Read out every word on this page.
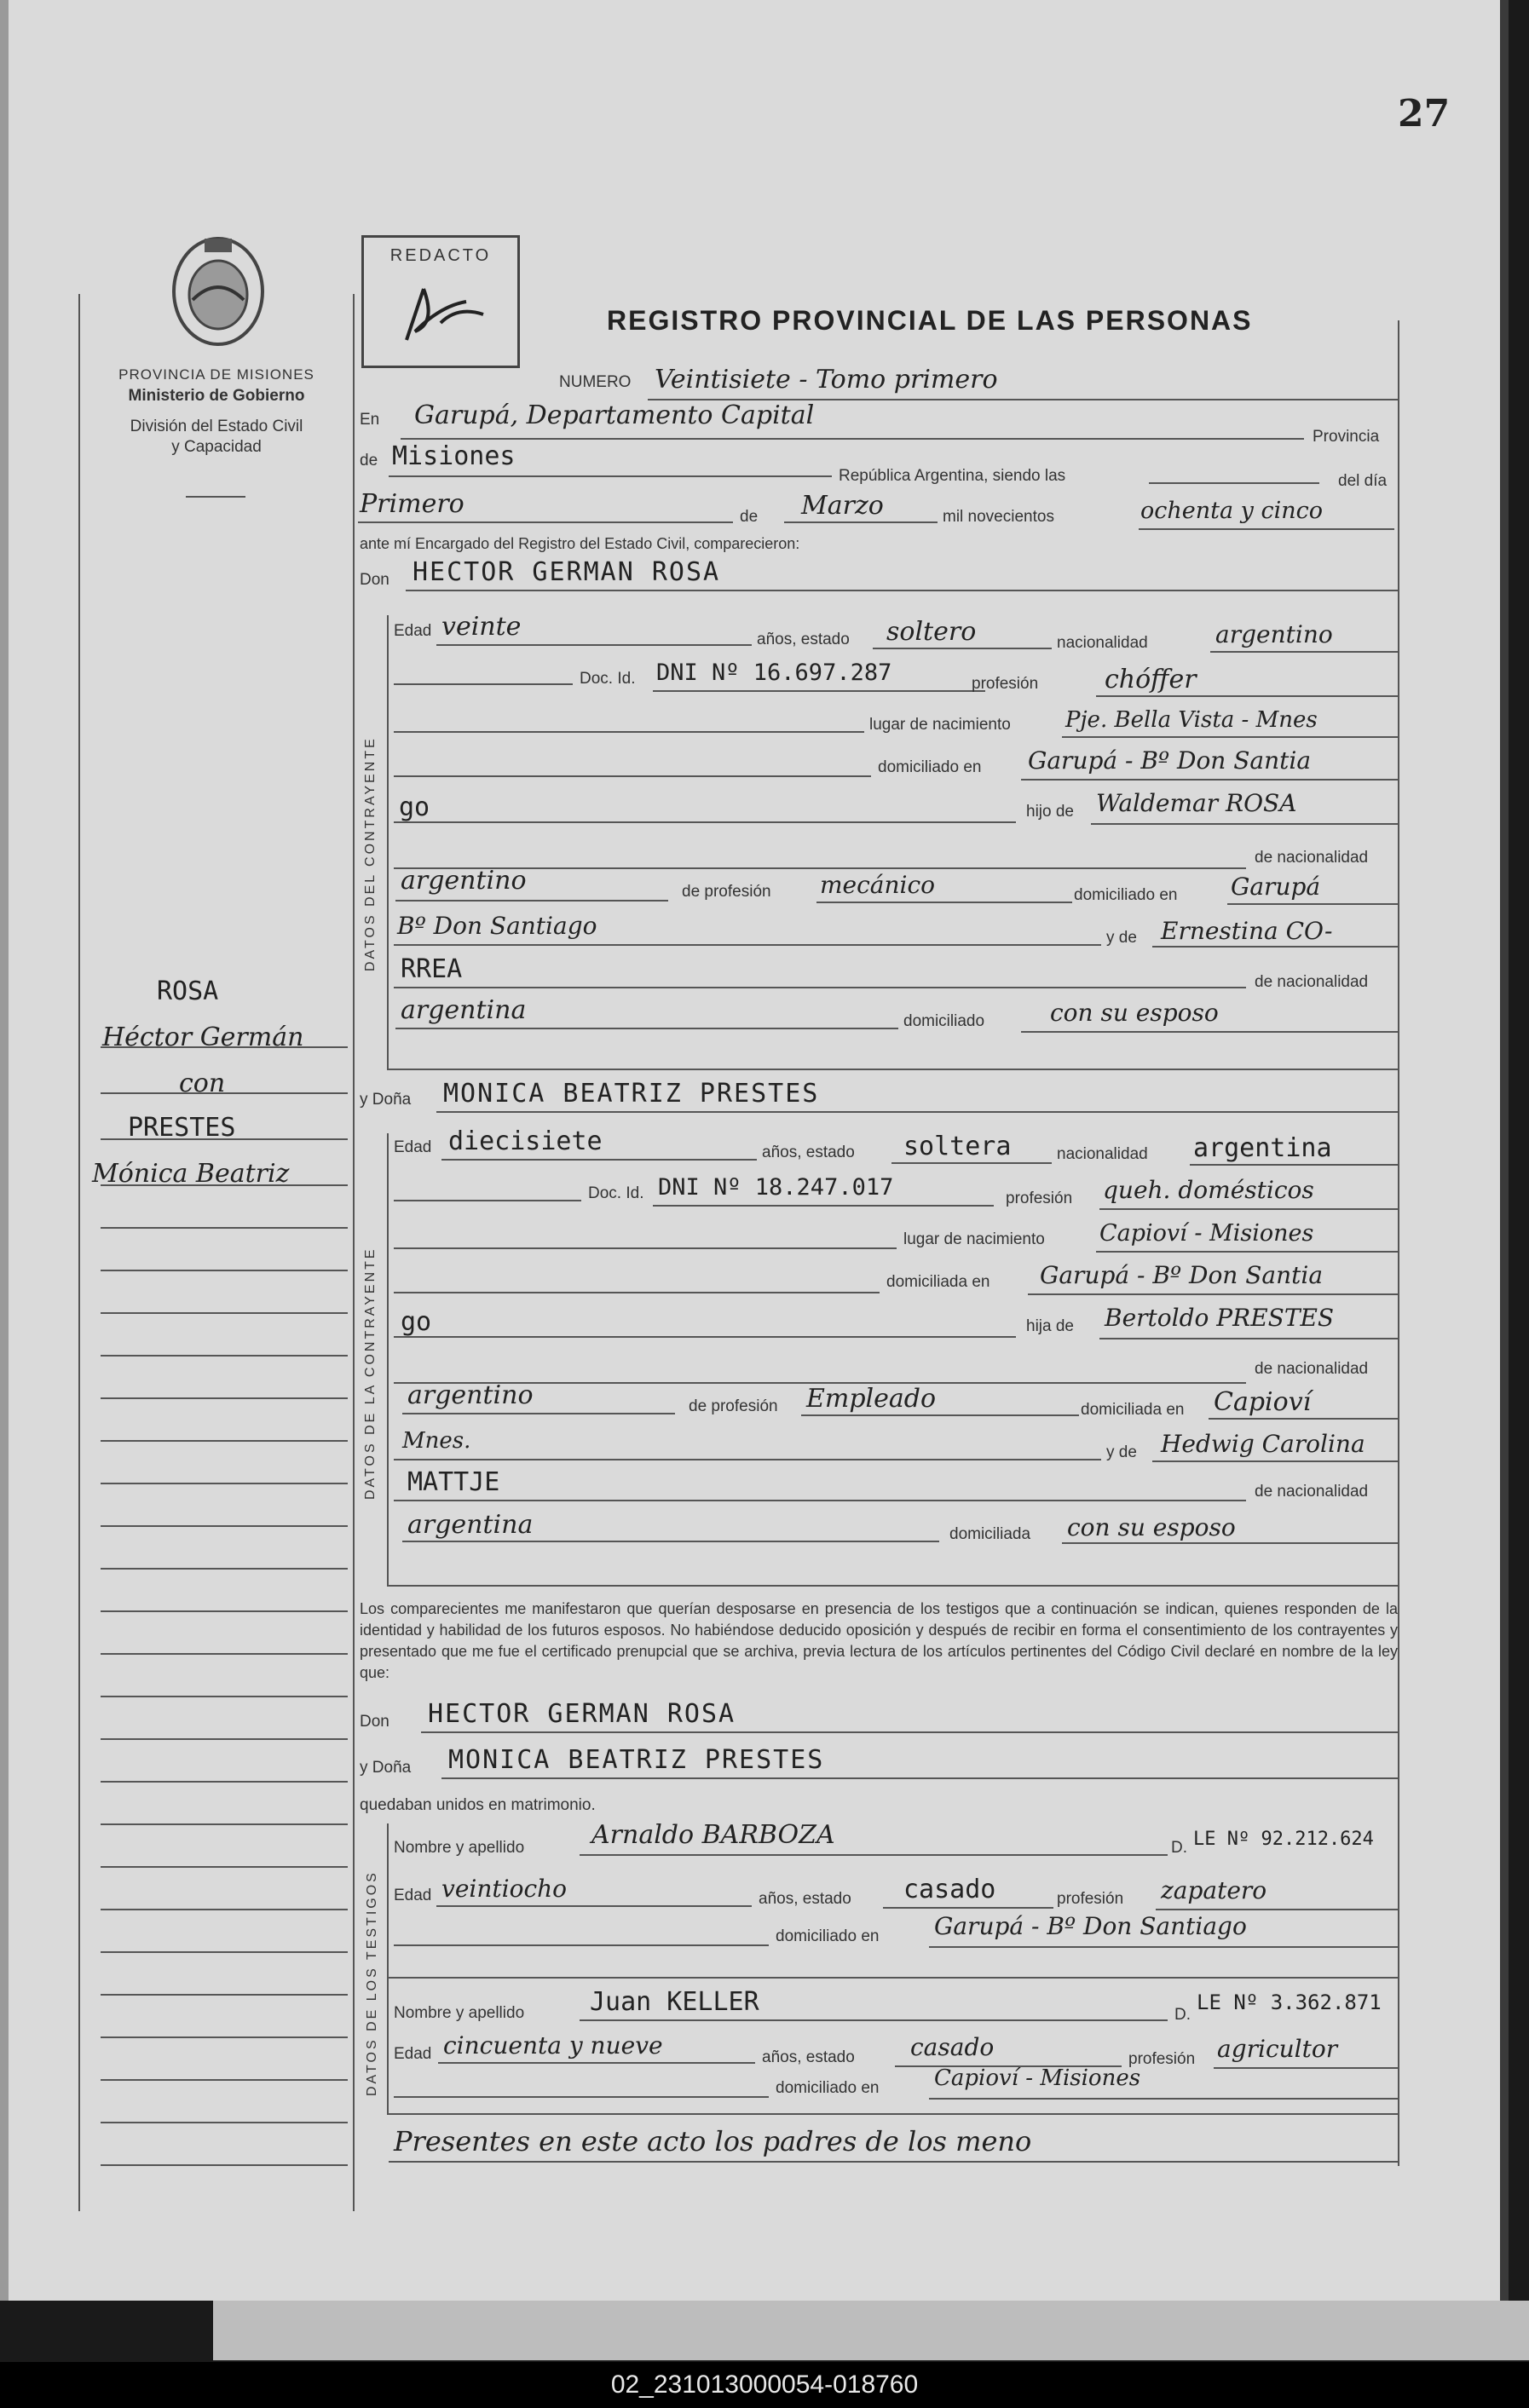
27
PROVINCIA DE MISIONES
Ministerio de Gobierno
División del Estado Civil
y Capacidad
ROSA
Héctor Germán
con
PRESTES
Mónica Beatriz
REDACTO
REGISTRO PROVINCIAL DE LAS PERSONAS
NUMERO Veintisiete - Tomo primero
En Garupá, Departamento Capital
Provincia
de Misiones
República Argentina, siendo las	del día
Primero	de Marzo	mil novecientos	ochenta y cinco
ante mí Encargado del Registro del Estado Civil, comparecieron:
Don HECTOR GERMAN ROSA
DATOS DEL CONTRAYENTE
Edad veinte	años, estado soltero	nacionalidad	argentino
Doc. Id. DNI Nº 16.697.287	profesión	chóffer
lugar de nacimiento Pje. Bella Vista - Mnes
domiciliado en Garupá - Bº Don Santia
go	hijo de Waldemar ROSA
de nacionalidad
argentino	de profesión mecánico	domiciliado en Garupá
Bº Don Santiago	y de Ernestina CO-
RREA	de nacionalidad
argentina	domiciliado	con su esposo
y Doña MONICA BEATRIZ PRESTES
DATOS DE LA CONTRAYENTE
Edad diecisiete	años, estado soltera	nacionalidad argentina
Doc. Id. DNI Nº 18.247.017	profesión queh. domésticos
lugar de nacimiento Capioví - Misiones
domiciliada en Garupá - Bº Don Santia
go	hija de Bertoldo PRESTES
de nacionalidad
argentino	de profesión Empleado	domiciliada en Capioví
Mnes.	y de Hedwig Carolina
MATTJE	de nacionalidad
argentina	domiciliada con su esposo
Los comparecientes me manifestaron que querían desposarse en presencia de los testigos que a continuación se indican, quienes responden de la identidad y habilidad de los futuros esposos. No habiéndose deducido oposición y después de recibir en forma el consentimiento de los contrayentes y presentado que me fue el certificado prenupcial que se archiva, previa lectura de los artículos pertinentes del Código Civil declaré en nombre de la ley que:
Don HECTOR GERMAN ROSA
y Doña MONICA BEATRIZ PRESTES
quedaban unidos en matrimonio.
DATOS DE LOS TESTIGOS
Nombre y apellido	Arnaldo BARBOZA	D. LE Nº 92.212.624
Edad veintiocho	años, estado casado	profesión zapatero
domiciliado en Garupá - Bº Don Santiago
Nombre y apellido	Juan KELLER	D.
LE Nº 3.362.871
Edad cincuenta y nueve	años, estado casado	profesión agricultor
domiciliado en Capioví - Misiones
Presentes en este acto los padres de los meno
02_231013000054-018760
